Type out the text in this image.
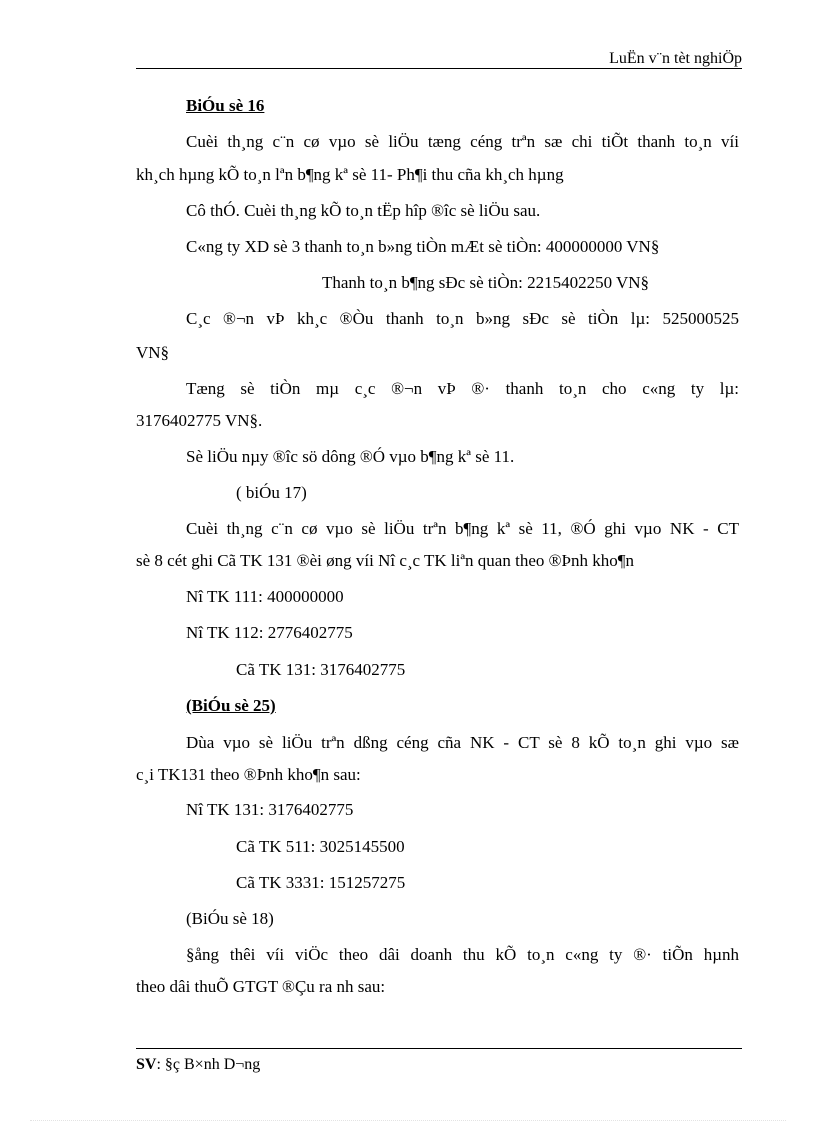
LuËn v¨n tèt nghiÖp
BiÓu sè 16
Cuèi th¸ng c¨n cø vµo sè liÖu tæng céng trªn sæ chi tiÕt thanh to¸n víi
kh¸ch hµng kÕ to¸n lªn b¶ng kª sè 11- Ph¶i thu cña kh¸ch hµng
Cô thÓ. Cuèi th¸ng kÕ to¸n tËp hîp ®îc sè liÖu sau.
C«ng ty XD sè 3 thanh to¸n b»ng tiÒn mÆt sè tiÒn: 400000000 VN§
Thanh to¸n b¶ng sÐc sè tiÒn: 2215402250 VN§
C¸c ®¬n vÞ kh¸c ®Òu thanh to¸n b»ng sÐc sè tiÒn lµ: 525000525
VN§
Tæng sè tiÒn mµ c¸c ®¬n vÞ ®· thanh to¸n cho c«ng ty lµ:
3176402775 VN§.
Sè liÖu nµy ®îc sö dông ®Ó vµo b¶ng kª sè 11.
( biÓu 17)
Cuèi th¸ng c¨n cø vµo sè liÖu trªn b¶ng kª sè 11, ®Ó ghi vµo NK - CT
sè 8 cét ghi Cã TK 131 ®èi øng víi Nî c¸c TK liªn quan theo ®Þnh kho¶n
Nî TK 111: 400000000
Nî TK 112: 2776402775
Cã TK 131: 3176402775
(BiÓu sè 25)
Dùa vµo sè liÖu trªn dßng céng cña NK - CT sè 8 kÕ to¸n ghi vµo sæ
c¸i TK131 theo ®Þnh kho¶n sau:
Nî TK 131: 3176402775
Cã TK 511: 3025145500
Cã TK 3331: 151257275
(BiÓu sè 18)
§ång thêi víi viÖc theo dâi doanh thu kÕ to¸n c«ng ty ®· tiÕn hµnh
theo dâi thuÕ GTGT ®Çu ra nh sau:
SV: §ç B×nh D¬ng
